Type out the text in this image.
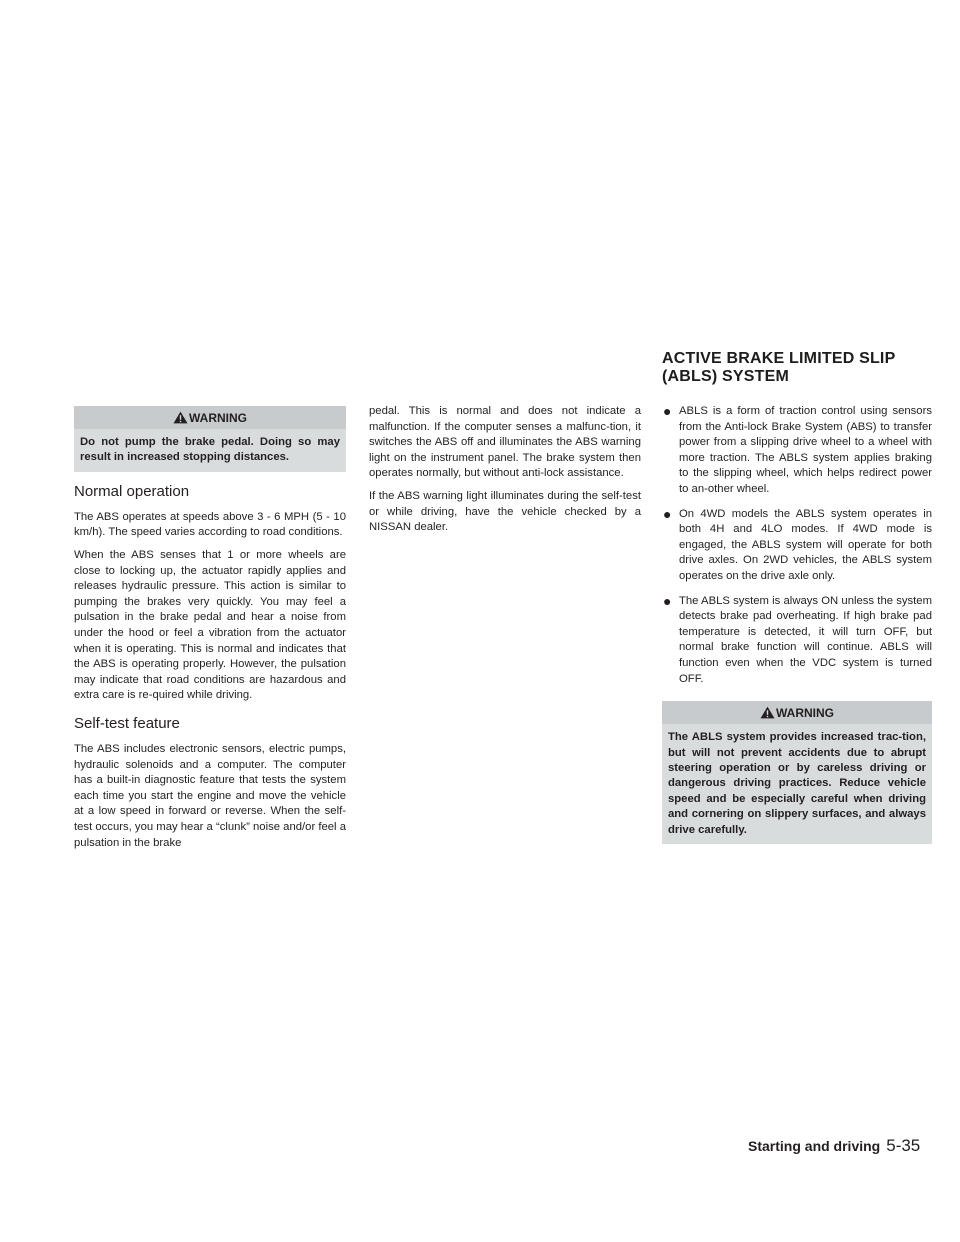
ACTIVE BRAKE LIMITED SLIP (ABLS) SYSTEM
WARNING
Do not pump the brake pedal. Doing so may result in increased stopping distances.
Normal operation

The ABS operates at speeds above 3 - 6 MPH (5 - 10 km/h). The speed varies according to road conditions.

When the ABS senses that 1 or more wheels are close to locking up, the actuator rapidly applies and releases hydraulic pressure. This action is similar to pumping the brakes very quickly. You may feel a pulsation in the brake pedal and hear a noise from under the hood or feel a vibration from the actuator when it is operating. This is normal and indicates that the ABS is operating properly. However, the pulsation may indicate that road conditions are hazardous and extra care is re-quired while driving.

Self-test feature

The ABS includes electronic sensors, electric pumps, hydraulic solenoids and a computer. The computer has a built-in diagnostic feature that tests the system each time you start the engine and move the vehicle at a low speed in forward or reverse. When the self-test occurs, you may hear a “clunk” noise and/or feel a pulsation in the brake

pedal. This is normal and does not indicate a malfunction. If the computer senses a malfunc-tion, it switches the ABS off and illuminates the ABS warning light on the instrument panel. The brake system then operates normally, but without anti-lock assistance.

If the ABS warning light illuminates during the self-test or while driving, have the vehicle checked by a NISSAN dealer.

● ABLS is a form of traction control using sensors from the Anti-lock Brake System (ABS) to transfer power from a slipping drive wheel to a wheel with more traction. The ABLS system applies braking to the slipping wheel, which helps redirect power to an-other wheel.
● On 4WD models the ABLS system operates in both 4H and 4LO modes. If 4WD mode is engaged, the ABLS system will operate for both drive axles. On 2WD vehicles, the ABLS system operates on the drive axle only.
● The ABLS system is always ON unless the system detects brake pad overheating. If high brake pad temperature is detected, it will turn OFF, but normal brake function will continue. ABLS will function even when the VDC system is turned OFF.
WARNING
The ABLS system provides increased trac-tion, but will not prevent accidents due to abrupt steering operation or by careless driving or dangerous driving practices. Reduce vehicle speed and be especially careful when driving and cornering on slippery surfaces, and always drive carefully.
Starting and driving 5-35
